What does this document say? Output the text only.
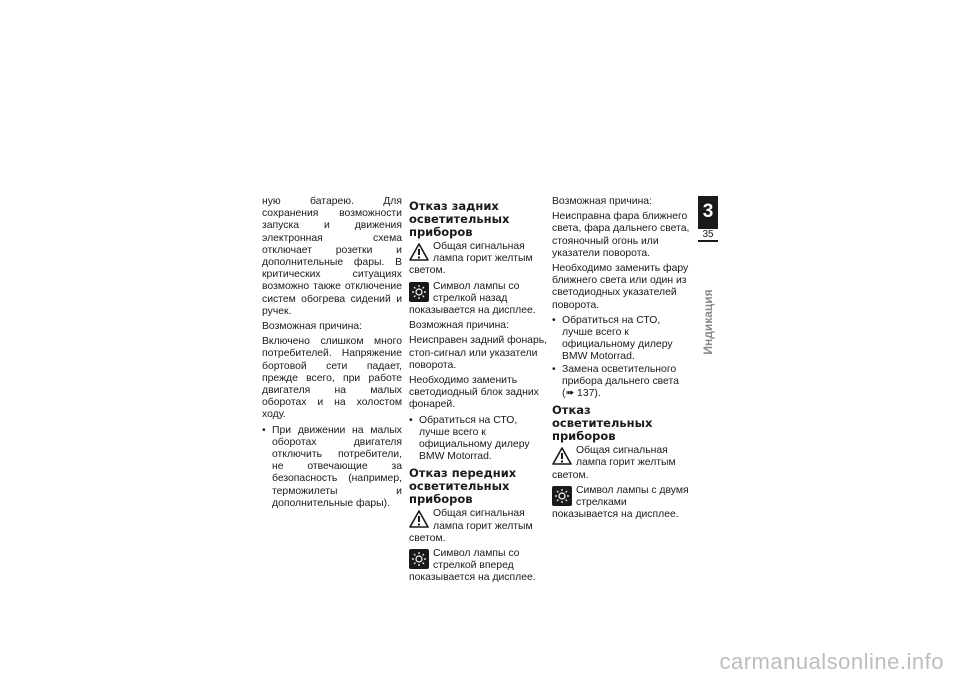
ную батарею. Для сохранения возможности запуска и движения электронная схема отключает розетки и дополнительные фары. В критических ситуациях возможно также отключение систем обогрева сидений и ручек.

Возможная причина:

Включено слишком много потребителей. Напряжение бортовой сети падает, прежде всего, при работе двигателя на малых оборотах и на холостом ходу.

• При движении на малых оборотах двигателя отключить потребители, не отвечающие за безопасность (например, терможилеты и дополнительные фары).
Отказ задних осветительных приборов
Общая сигнальная лампа горит желтым светом.
Символ лампы со стрелкой назад показывается на дисплее.

Возможная причина:

Неисправен задний фонарь, стоп-сигнал или указатели поворота.

Необходимо заменить светодиодный блок задних фонарей.

• Обратиться на СТО, лучше всего к официальному дилеру BMW Motorrad.
Отказ передних осветительных приборов
Общая сигнальная лампа горит желтым светом.
Символ лампы со стрелкой вперед показывается на дисплее.

Возможная причина:

Неисправна фара ближнего света, фара дальнего света, стояночный огонь или указатели поворота.

Необходимо заменить фару ближнего света или один из светодиодных указателей поворота.

• Обратиться на СТО, лучше всего к официальному дилеру BMW Motorrad.
• Замена осветительного прибора дальнего света (➠ 137).
Отказ осветительных приборов
Общая сигнальная лампа горит желтым светом.
Символ лампы с двумя стрелками показывается на дисплее.
3
35
Индикация
carmanualsonline.info
